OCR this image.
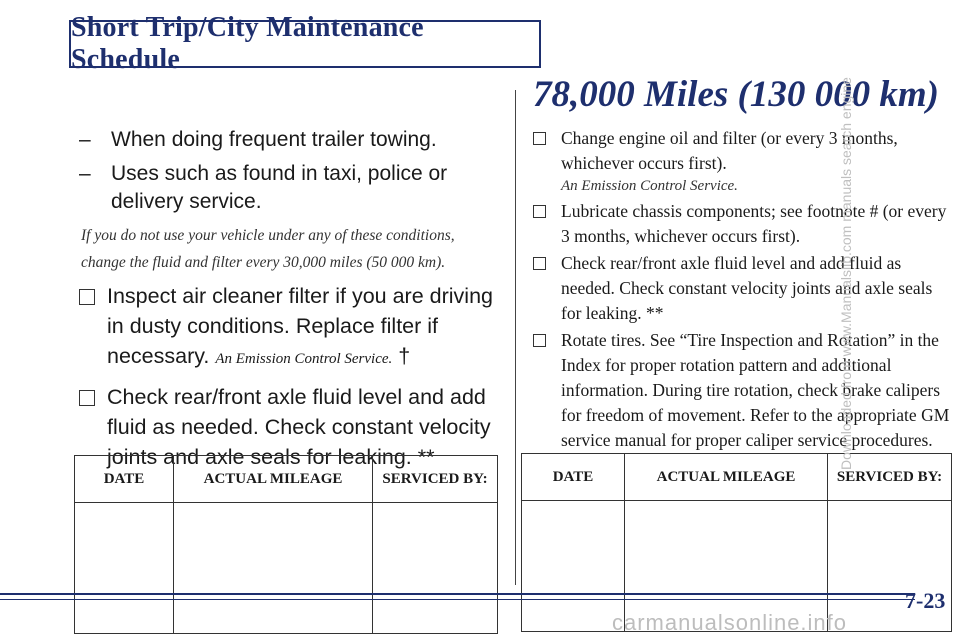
Short Trip/City Maintenance Schedule
– When doing frequent trailer towing.
– Uses such as found in taxi, police or delivery service.
If you do not use your vehicle under any of these conditions, change the fluid and filter every 30,000 miles (50 000 km).
Inspect air cleaner filter if you are driving in dusty conditions. Replace filter if necessary. An Emission Control Service. †
Check rear/front axle fluid level and add fluid as needed. Check constant velocity joints and axle seals for leaking. **
DATE	ACTUAL MILEAGE	SERVICED BY:

78,000 Miles (130 000 km)
Change engine oil and filter (or every 3 months, whichever occurs first).
An Emission Control Service.
Lubricate chassis components; see footnote # (or every 3 months, whichever occurs first).
Check rear/front axle fluid level and add fluid as needed. Check constant velocity joints and axle seals for leaking. **
Rotate tires. See “Tire Inspection and Rotation” in the Index for proper rotation pattern and additional information. During tire rotation, check brake calipers for freedom of movement. Refer to the appropriate GM service manual for proper caliper service procedures.
DATE	ACTUAL MILEAGE	SERVICED BY:

7-23
carmanualsonline.info
Downloaded from www.Manualslib.com manuals search engine
